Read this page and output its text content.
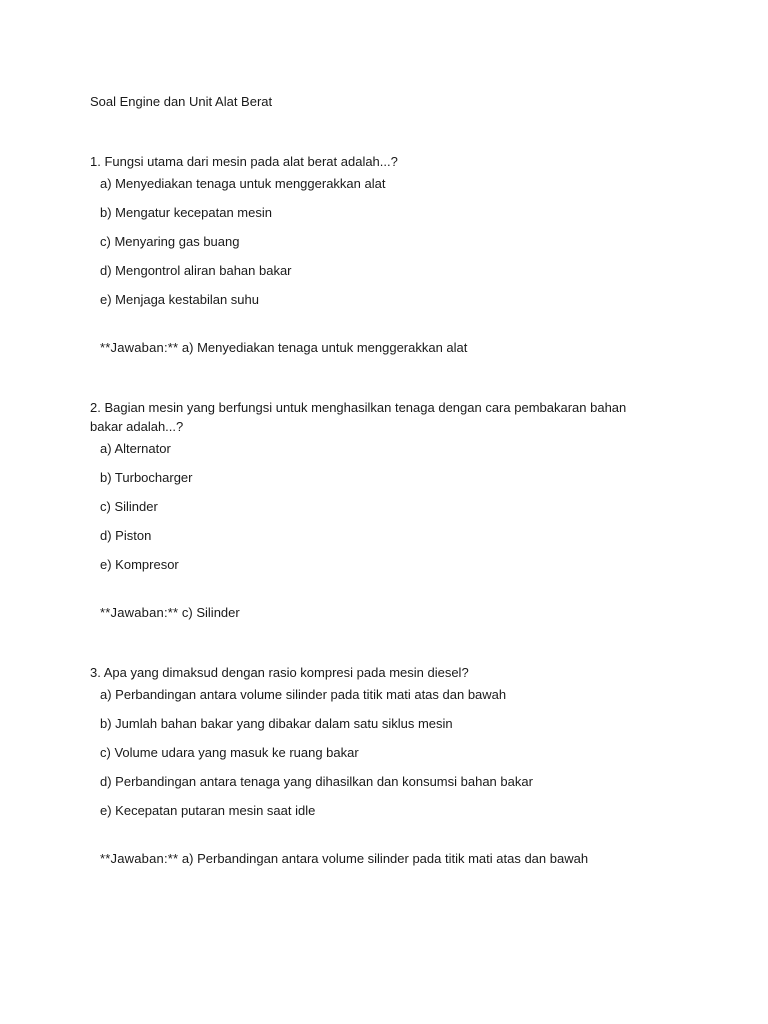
Soal Engine dan Unit Alat Berat
1. Fungsi utama dari mesin pada alat berat adalah...?
a) Menyediakan tenaga untuk menggerakkan alat
b) Mengatur kecepatan mesin
c) Menyaring gas buang
d) Mengontrol aliran bahan bakar
e) Menjaga kestabilan suhu
**Jawaban:** a) Menyediakan tenaga untuk menggerakkan alat
2. Bagian mesin yang berfungsi untuk menghasilkan tenaga dengan cara pembakaran bahan bakar adalah...?
a) Alternator
b) Turbocharger
c) Silinder
d) Piston
e) Kompresor
**Jawaban:** c) Silinder
3. Apa yang dimaksud dengan rasio kompresi pada mesin diesel?
a) Perbandingan antara volume silinder pada titik mati atas dan bawah
b) Jumlah bahan bakar yang dibakar dalam satu siklus mesin
c) Volume udara yang masuk ke ruang bakar
d) Perbandingan antara tenaga yang dihasilkan dan konsumsi bahan bakar
e) Kecepatan putaran mesin saat idle
**Jawaban:** a) Perbandingan antara volume silinder pada titik mati atas dan bawah
